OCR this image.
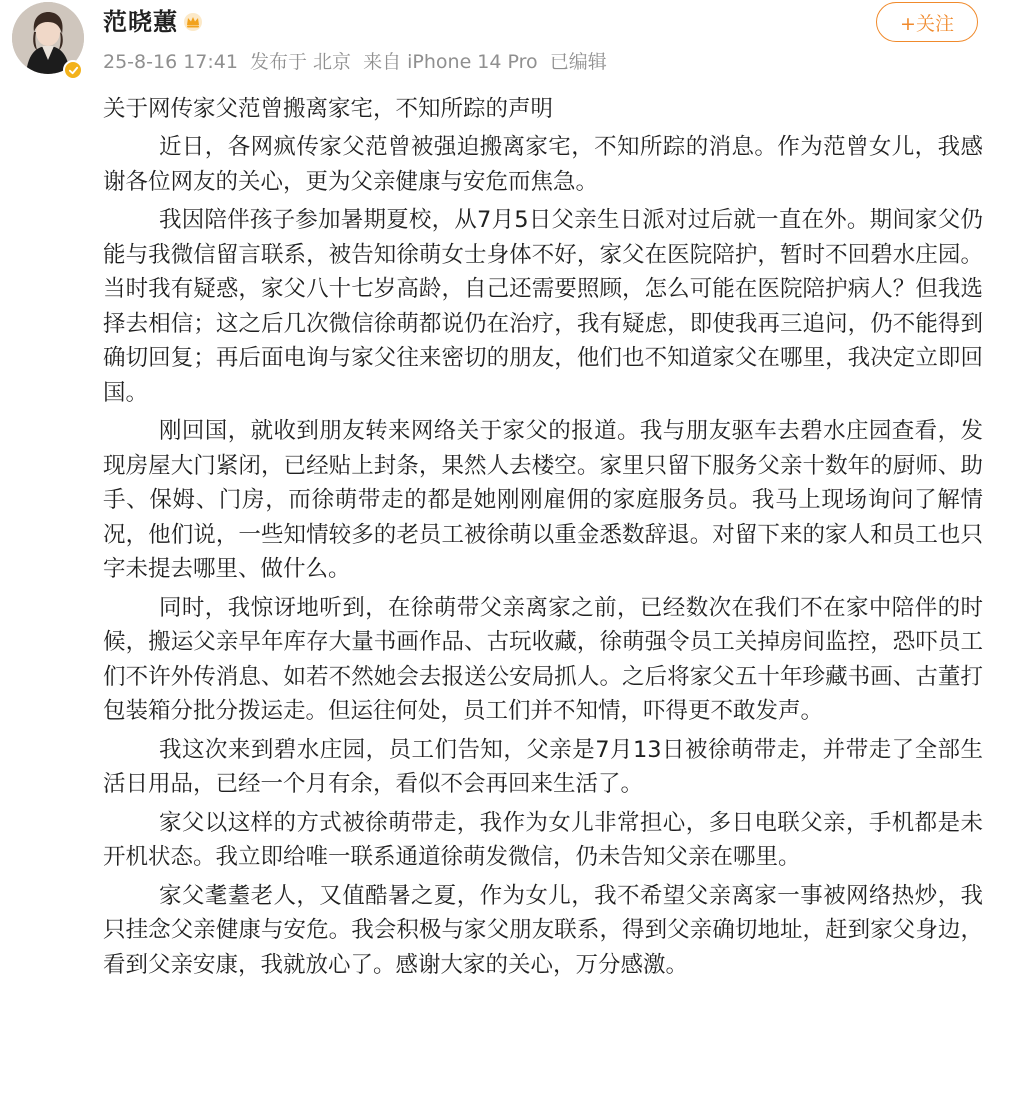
范晓蕙
25-8-16 17:41 发布于 北京 来自 iPhone 14 Pro 已编辑
+关注

关于网传家父范曾搬离家宅，不知所踪的声明

近日，各网疯传家父范曾被强迫搬离家宅，不知所踪的消息。作为范曾女儿，我感谢各位网友的关心，更为父亲健康与安危而焦急。

我因陪伴孩子参加暑期夏校，从7月5日父亲生日派对过后就一直在外。期间家父仍能与我微信留言联系，被告知徐萌女士身体不好，家父在医院陪护，暂时不回碧水庄园。当时我有疑惑，家父八十七岁高龄，自己还需要照顾，怎么可能在医院陪护病人？但我选择去相信；这之后几次微信徐萌都说仍在治疗，我有疑虑，即使我再三追问，仍不能得到确切回复；再后面电询与家父往来密切的朋友，他们也不知道家父在哪里，我决定立即回国。

刚回国，就收到朋友转来网络关于家父的报道。我与朋友驱车去碧水庄园查看，发现房屋大门紧闭，已经贴上封条，果然人去楼空。家里只留下服务父亲十数年的厨师、助手、保姆、门房，而徐萌带走的都是她刚刚雇佣的家庭服务员。我马上现场询问了解情况，他们说，一些知情较多的老员工被徐萌以重金悉数辞退。对留下来的家人和员工也只字未提去哪里、做什么。

同时，我惊讶地听到，在徐萌带父亲离家之前，已经数次在我们不在家中陪伴的时候，搬运父亲早年库存大量书画作品、古玩收藏，徐萌强令员工关掉房间监控，恐吓员工们不许外传消息、如若不然她会去报送公安局抓人。之后将家父五十年珍藏书画、古董打包装箱分批分拨运走。但运往何处，员工们并不知情，吓得更不敢发声。

我这次来到碧水庄园，员工们告知，父亲是7月13日被徐萌带走，并带走了全部生活日用品，已经一个月有余，看似不会再回来生活了。

家父以这样的方式被徐萌带走，我作为女儿非常担心，多日电联父亲，手机都是未开机状态。我立即给唯一联系通道徐萌发微信，仍未告知父亲在哪里。

家父耄耋老人，又值酷暑之夏，作为女儿，我不希望父亲离家一事被网络热炒，我只挂念父亲健康与安危。我会积极与家父朋友联系，得到父亲确切地址，赶到家父身边，看到父亲安康，我就放心了。感谢大家的关心，万分感激。
